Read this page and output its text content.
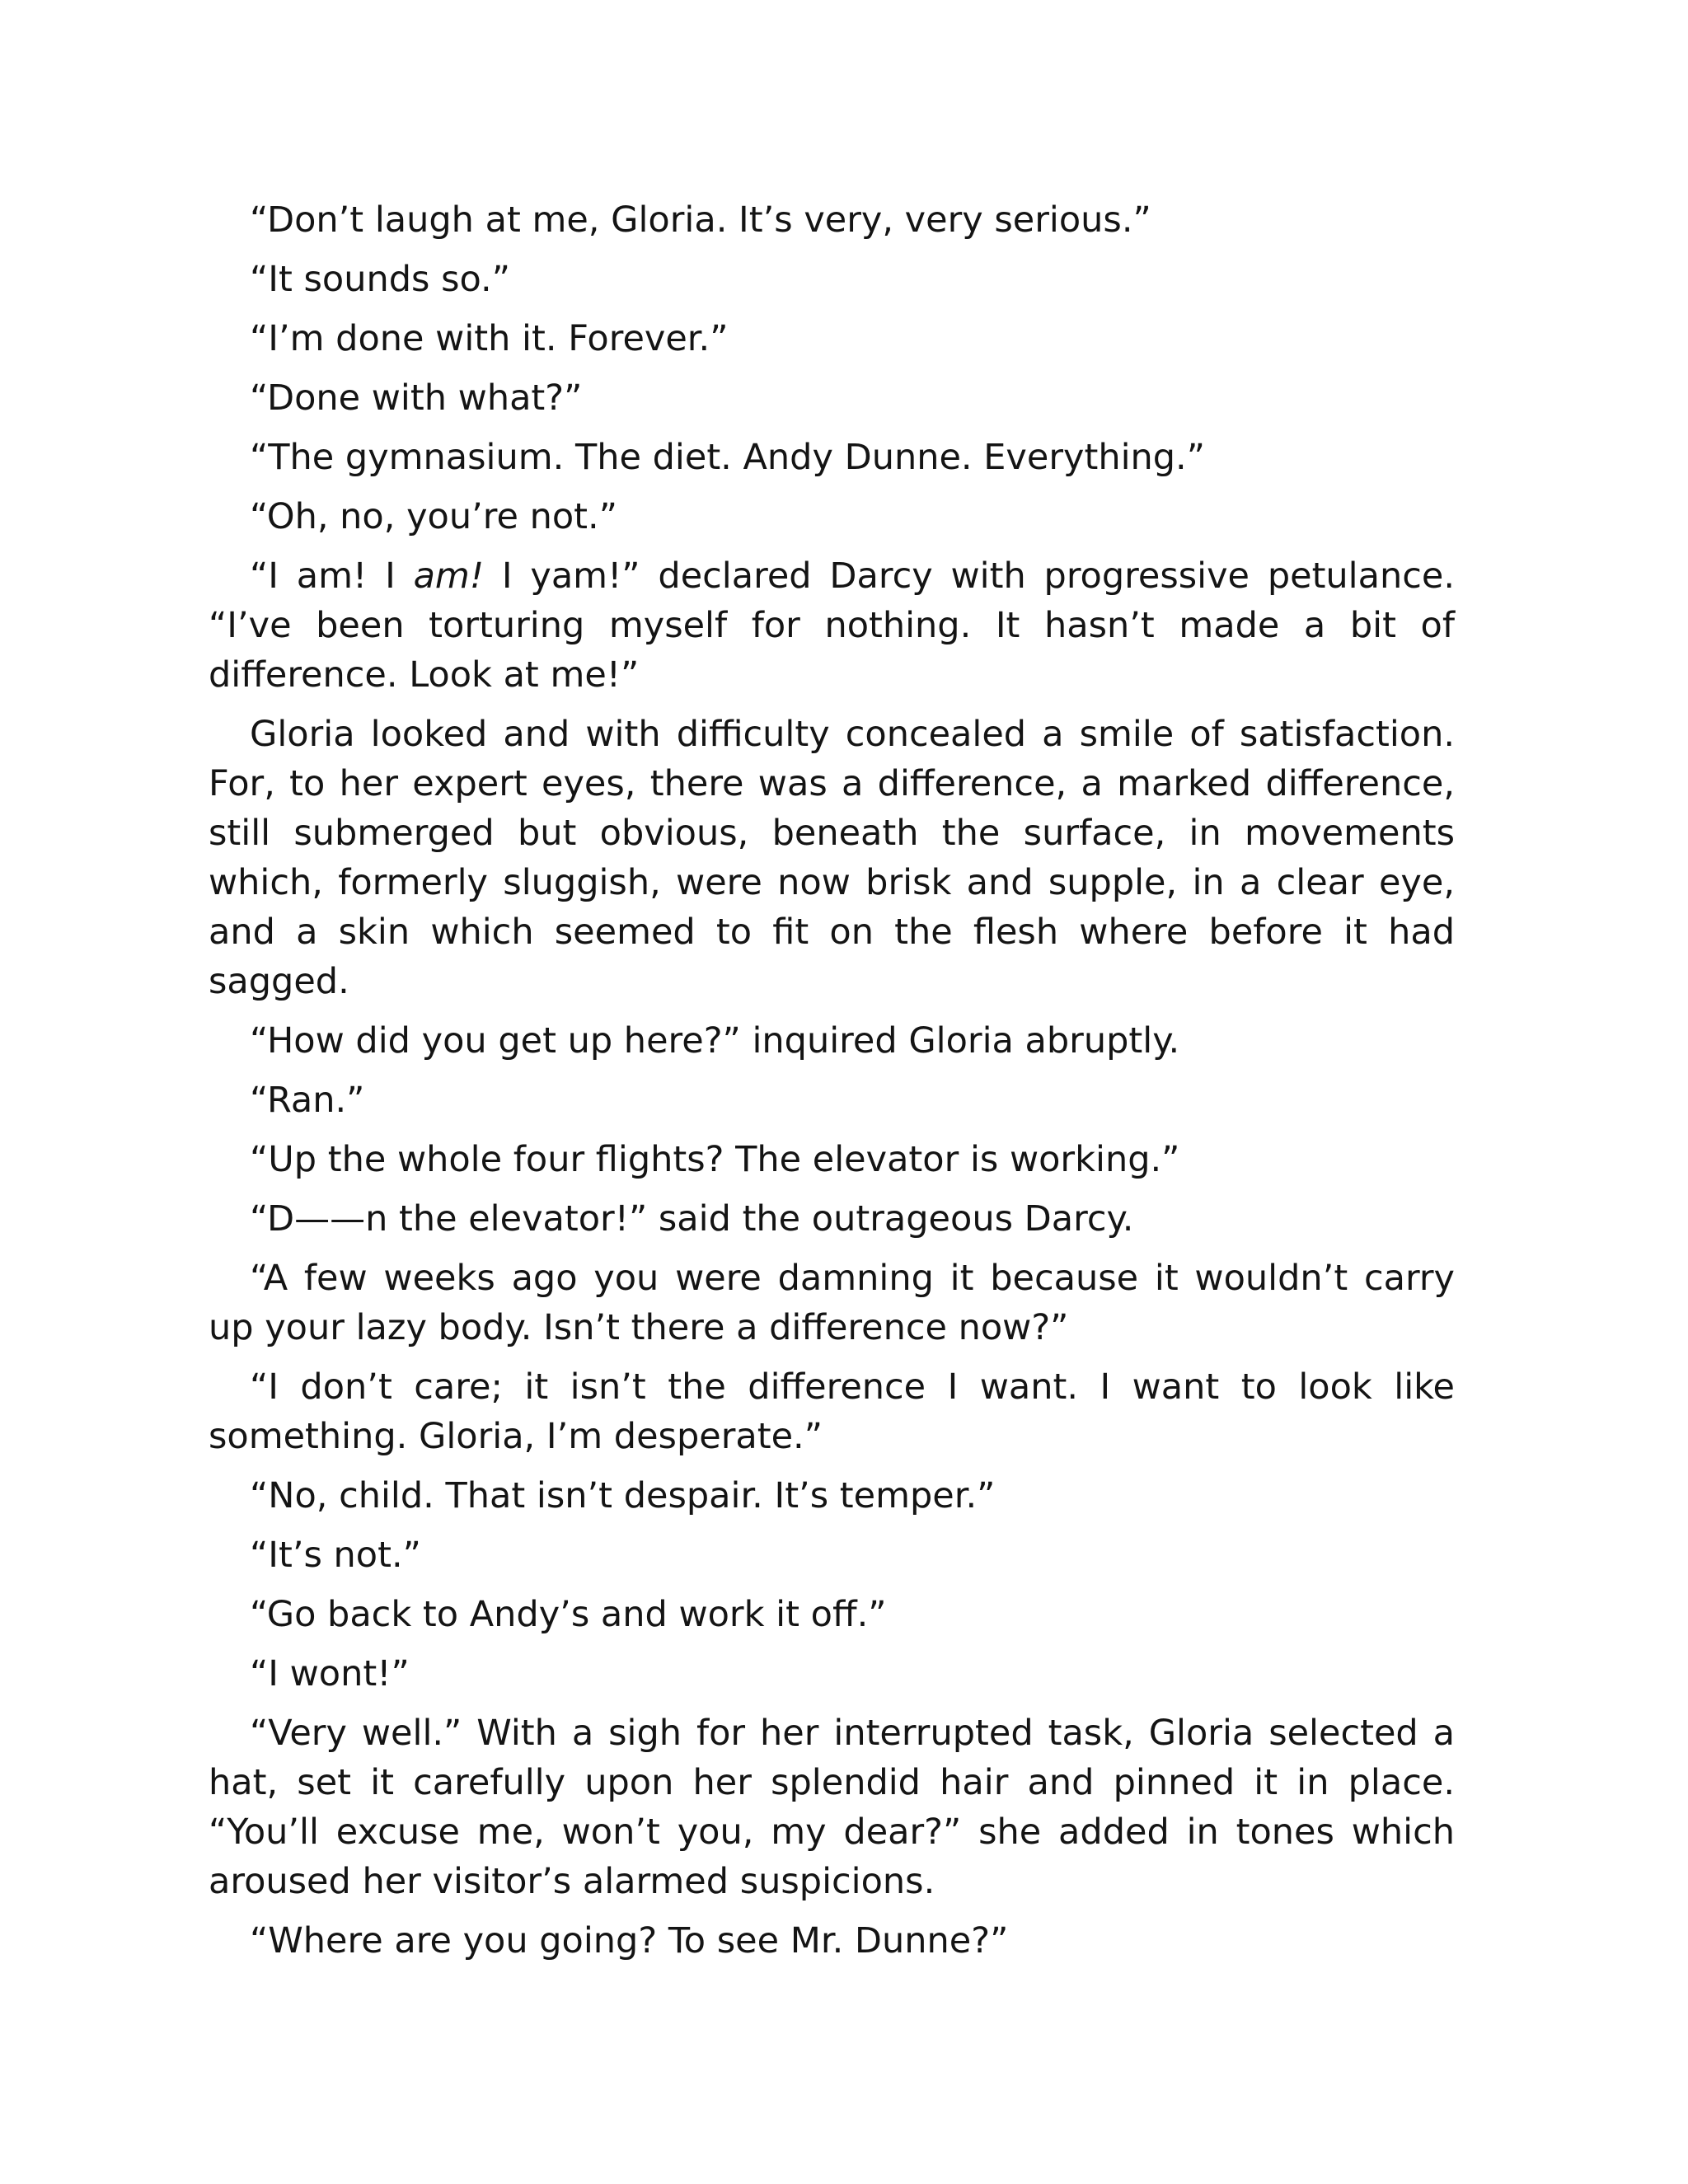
“Don’t laugh at me, Gloria. It’s very, very serious.”

“It sounds so.”

“I’m done with it. Forever.”

“Done with what?”

“The gymnasium. The diet. Andy Dunne. Everything.”

“Oh, no, you’re not.”

“I am! I am! I yam!” declared Darcy with progressive petulance. “I’ve been torturing myself for nothing. It hasn’t made a bit of difference. Look at me!”

Gloria looked and with difficulty concealed a smile of satisfaction. For, to her expert eyes, there was a difference, a marked difference, still submerged but obvious, beneath the surface, in movements which, formerly sluggish, were now brisk and supple, in a clear eye, and a skin which seemed to fit on the flesh where before it had sagged.

“How did you get up here?” inquired Gloria abruptly.

“Ran.”

“Up the whole four flights? The elevator is working.”

“D——n the elevator!” said the outrageous Darcy.

“A few weeks ago you were damning it because it wouldn’t carry up your lazy body. Isn’t there a difference now?”

“I don’t care; it isn’t the difference I want. I want to look like something. Gloria, I’m desperate.”

“No, child. That isn’t despair. It’s temper.”

“It’s not.”

“Go back to Andy’s and work it off.”

“I wont!”

“Very well.” With a sigh for her interrupted task, Gloria selected a hat, set it carefully upon her splendid hair and pinned it in place. “You’ll excuse me, won’t you, my dear?” she added in tones which aroused her visitor’s alarmed suspicions.

“Where are you going? To see Mr. Dunne?”
